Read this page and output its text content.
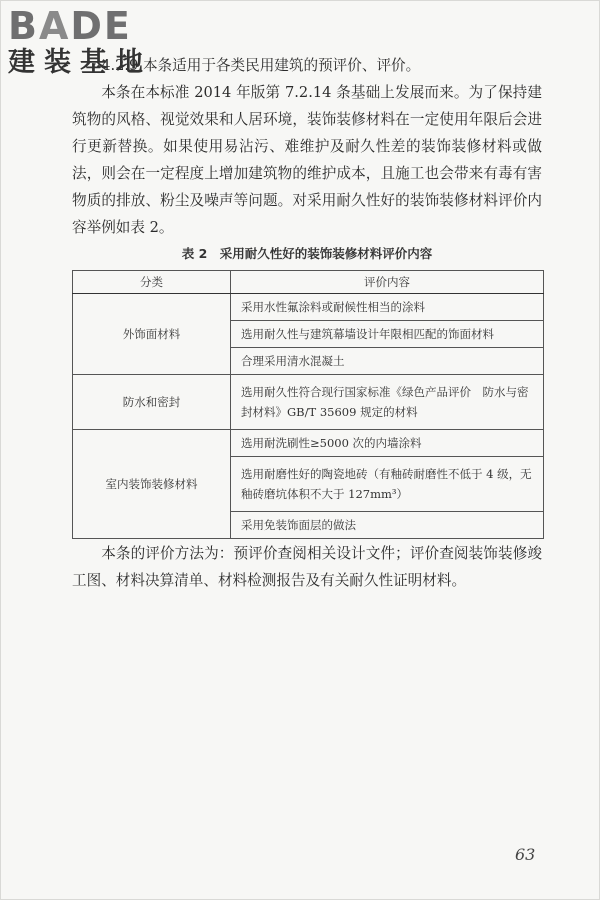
BADE
建装基地

4.2.9 本条适用于各类民用建筑的预评价、评价。

本条在本标准 2014 年版第 7.2.14 条基础上发展而来。为了保持建筑物的风格、视觉效果和人居环境，装饰装修材料在一定使用年限后会进行更新替换。如果使用易沾污、难维护及耐久性差的装饰装修材料或做法，则会在一定程度上增加建筑物的维护成本，且施工也会带来有毒有害物质的排放、粉尘及噪声等问题。对采用耐久性好的装饰装修材料评价内容举例如表 2。

表 2　采用耐久性好的装饰装修材料评价内容
分类	评价内容
外饰面材料	采用水性氟涂料或耐候性相当的涂料
	选用耐久性与建筑幕墙设计年限相匹配的饰面材料
	合理采用清水混凝土
防水和密封	选用耐久性符合现行国家标准《绿色产品评价　防水与密封材料》GB/T 35609 规定的材料
室内装饰装修材料	选用耐洗刷性≥5000 次的内墙涂料
	选用耐磨性好的陶瓷地砖（有釉砖耐磨性不低于 4 级，无釉砖磨坑体积不大于 127mm³）
	采用免装饰面层的做法

本条的评价方法为：预评价查阅相关设计文件；评价查阅装饰装修竣工图、材料决算清单、材料检测报告及有关耐久性证明材料。

63
